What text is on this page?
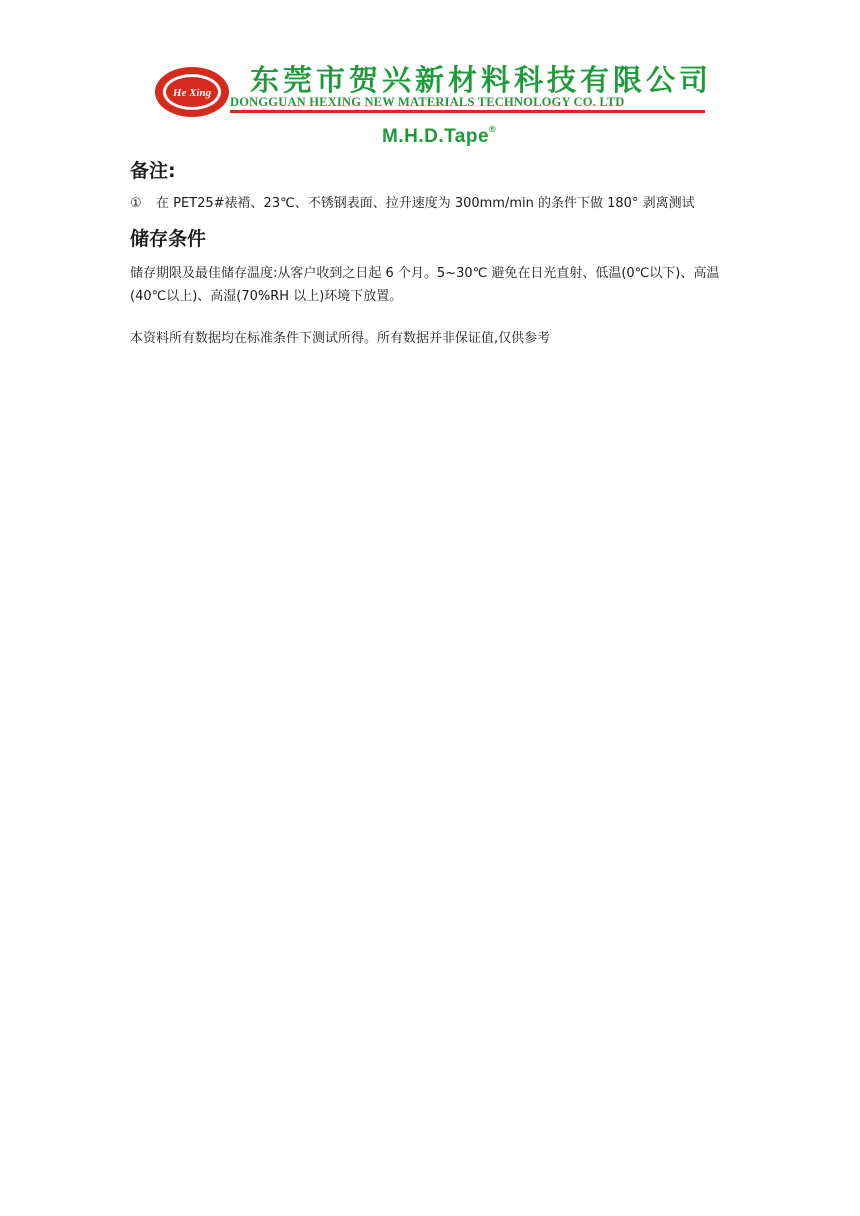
He Xing 东莞市贺兴新材料科技有限公司
DONGGUAN HEXING NEW MATERIALS TECHNOLOGY CO. LTD
M.H.D.Tape®
备注:
① 在 PET25#裱褙、23℃、不锈钢表面、拉升速度为 300mm/min 的条件下做 180° 剥离测试
储存条件
储存期限及最佳储存温度:从客户收到之日起 6 个月。5~30℃ 避免在日光直射、低温(0℃以下)、高温(40℃以上)、高湿(70%RH 以上)环境下放置。
本资料所有数据均在标准条件下测试所得。所有数据并非保证值,仅供参考
